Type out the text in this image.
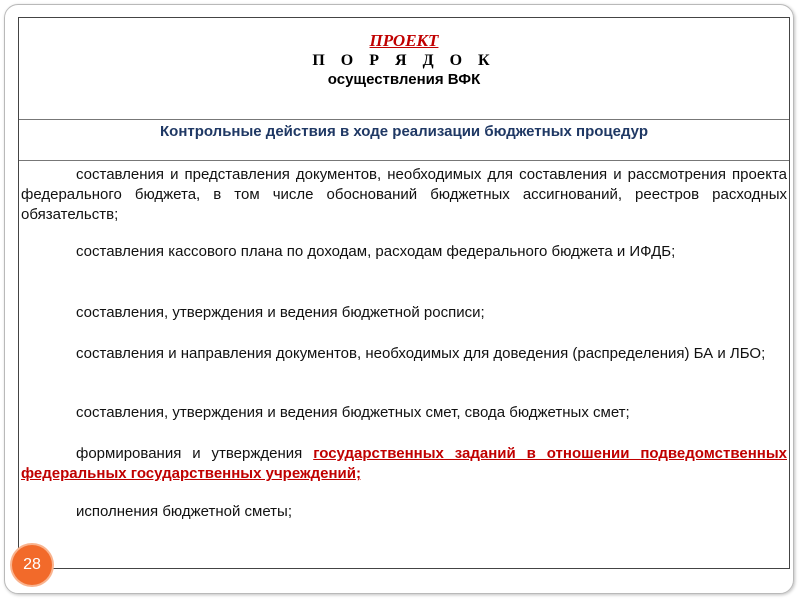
ПРОЕКТ
П О Р Я Д О К
осуществления ВФК
Контрольные действия в ходе реализации бюджетных процедур
составления и представления документов, необходимых для составления и рассмотрения проекта федерального бюджета, в том числе обоснований бюджетных ассигнований, реестров расходных обязательств;
составления кассового плана по доходам, расходам федерального бюджета и ИФДБ;
составления, утверждения и ведения бюджетной росписи;
составления и направления документов, необходимых для доведения (распределения) БА и ЛБО;
составления, утверждения и ведения бюджетных смет, свода бюджетных смет;
формирования и утверждения государственных заданий в отношении подведомственных федеральных государственных учреждений;
исполнения бюджетной сметы;
28
